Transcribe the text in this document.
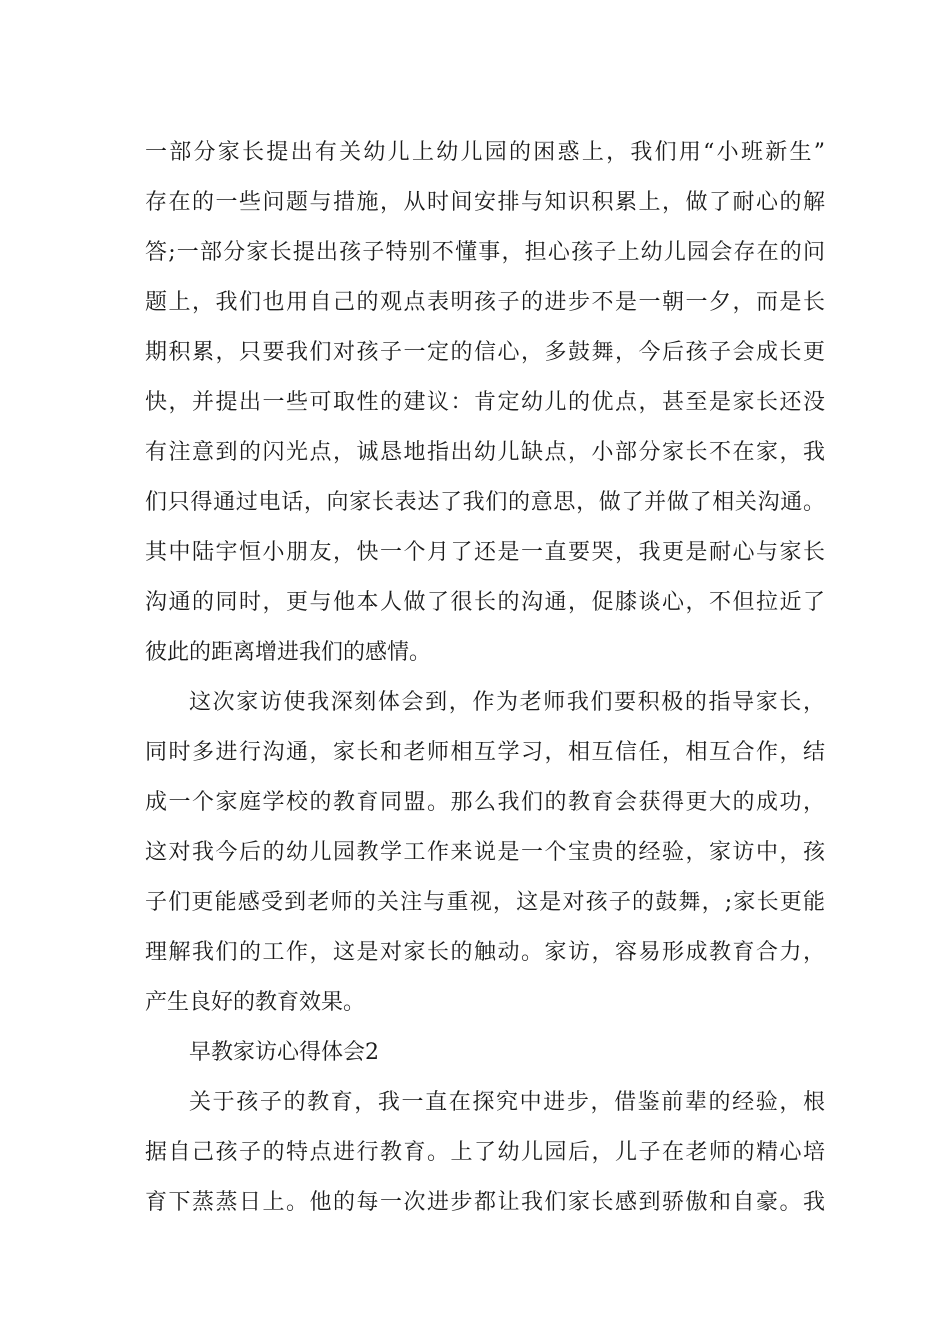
一部分家长提出有关幼儿上幼儿园的困惑上，我们用“小班新生”
存在的一些问题与措施，从时间安排与知识积累上，做了耐心的解
答;一部分家长提出孩子特别不懂事，担心孩子上幼儿园会存在的问
题上，我们也用自己的观点表明孩子的进步不是一朝一夕，而是长
期积累，只要我们对孩子一定的信心，多鼓舞，今后孩子会成长更
快，并提出一些可取性的建议：肯定幼儿的优点，甚至是家长还没
有注意到的闪光点，诚恳地指出幼儿缺点，小部分家长不在家，我
们只得通过电话，向家长表达了我们的意思，做了并做了相关沟通。
其中陆宇恒小朋友，快一个月了还是一直要哭，我更是耐心与家长
沟通的同时，更与他本人做了很长的沟通，促膝谈心，不但拉近了
彼此的距离增进我们的感情。
这次家访使我深刻体会到，作为老师我们要积极的指导家长，
同时多进行沟通，家长和老师相互学习，相互信任，相互合作，结
成一个家庭学校的教育同盟。那么我们的教育会获得更大的成功，
这对我今后的幼儿园教学工作来说是一个宝贵的经验，家访中，孩
子们更能感受到老师的关注与重视，这是对孩子的鼓舞，;家长更能
理解我们的工作，这是对家长的触动。家访，容易形成教育合力，
产生良好的教育效果。
早教家访心得体会2
关于孩子的教育，我一直在探究中进步，借鉴前辈的经验，根
据自己孩子的特点进行教育。上了幼儿园后，儿子在老师的精心培
育下蒸蒸日上。他的每一次进步都让我们家长感到骄傲和自豪。我
